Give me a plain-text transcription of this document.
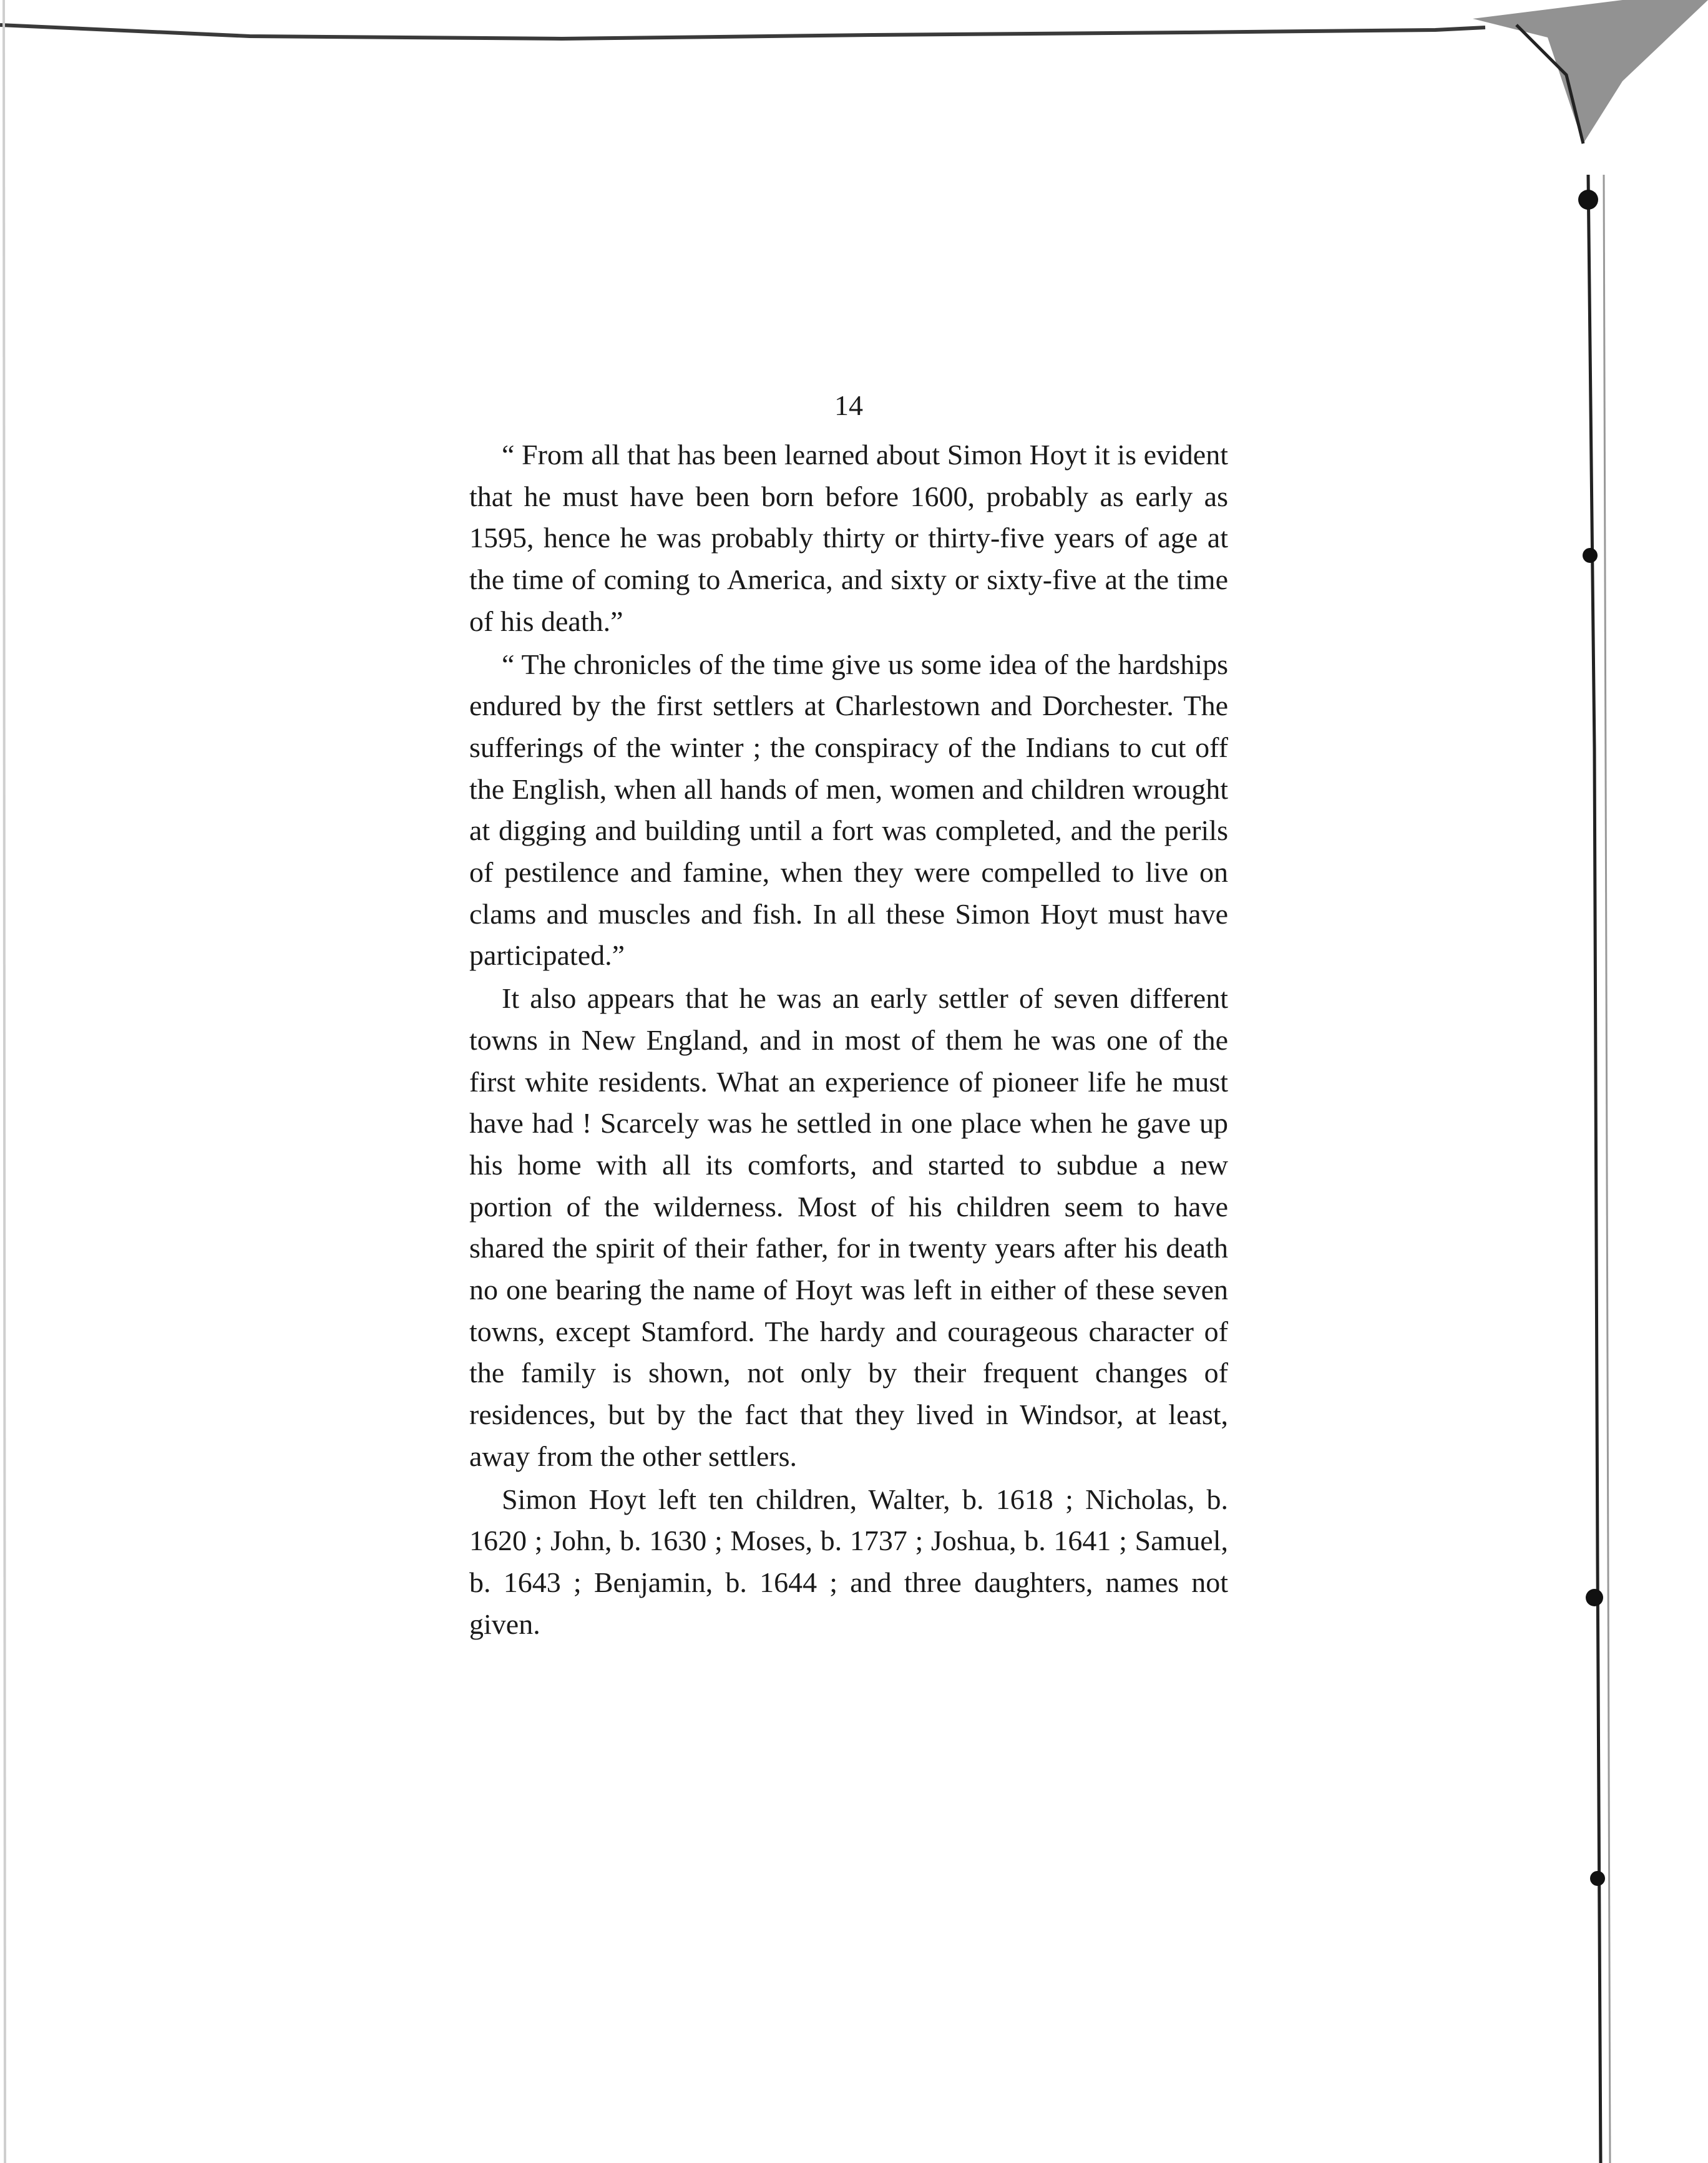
14

“ From all that has been learned about Simon Hoyt it is evident that he must have been born before 1600, probably as early as 1595, hence he was probably thirty or thirty-five years of age at the time of coming to America, and sixty or sixty-five at the time of his death.”

“ The chronicles of the time give us some idea of the hardships endured by the first settlers at Charlestown and Dorchester. The sufferings of the winter ; the conspiracy of the Indians to cut off the English, when all hands of men, women and children wrought at digging and building until a fort was completed, and the perils of pestilence and famine, when they were compelled to live on clams and muscles and fish. In all these Simon Hoyt must have participated.”

It also appears that he was an early settler of seven different towns in New England, and in most of them he was one of the first white residents. What an experience of pioneer life he must have had ! Scarcely was he settled in one place when he gave up his home with all its comforts, and started to subdue a new portion of the wilderness. Most of his children seem to have shared the spirit of their father, for in twenty years after his death no one bearing the name of Hoyt was left in either of these seven towns, except Stamford. The hardy and courageous character of the family is shown, not only by their frequent changes of residences, but by the fact that they lived in Windsor, at least, away from the other settlers.

Simon Hoyt left ten children, Walter, b. 1618 ; Nicholas, b. 1620 ; John, b. 1630 ; Moses, b. 1737 ; Joshua, b. 1641 ; Samuel, b. 1643 ; Benjamin, b. 1644 ; and three daughters, names not given.
